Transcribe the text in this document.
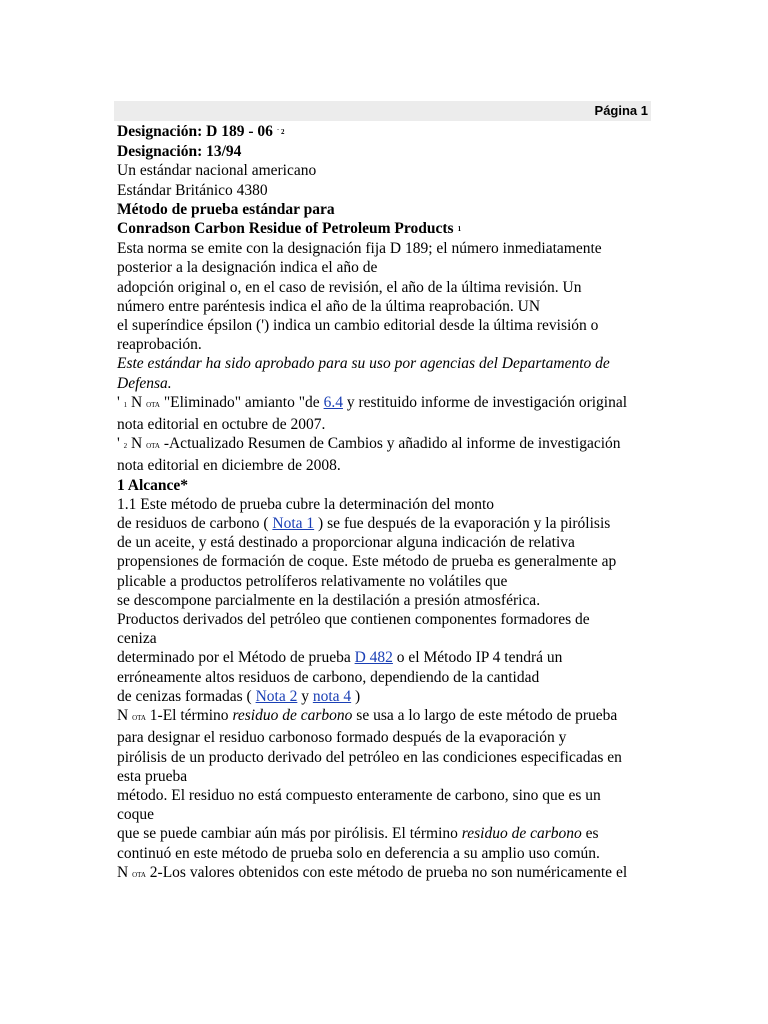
Página 1
Designación: D 189 - 06 $^{´ 2}$
Designación: 13/94
Un estándar nacional americano
Estándar Británico 4380
Método de prueba estándar para
Conradson Carbon Residue of Petroleum Products $^1$
Esta norma se emite con la designación fija D 189; el número inmediatamente
posterior a la designación indica el año de
adopción original o, en el caso de revisión, el año de la última revisión. Un
número entre paréntesis indica el año de la última reaprobación. UN
el superíndice épsilon (') indica un cambio editorial desde la última revisión o
reaprobación.
Este estándar ha sido aprobado para su uso por agencias del Departamento de
Defensa.
' 1 N OTA "Eliminado" amianto "de 6.4 y restituido informe de investigación original
nota editorial en octubre de 2007.
' 2 N OTA -Actualizado Resumen de Cambios y añadido al informe de investigación
nota editorial en diciembre de 2008.
1 Alcance*
1.1 Este método de prueba cubre la determinación del monto
de residuos de carbono ( Nota 1 ) se fue después de la evaporación y la pirólisis
de un aceite, y está destinado a proporcionar alguna indicación de relativa
propensiones de formación de coque. Este método de prueba es generalmente ap
plicable a productos petrolíferos relativamente no volátiles que
se descompone parcialmente en la destilación a presión atmosférica.
Productos derivados del petróleo que contienen componentes formadores de
ceniza
determinado por el Método de prueba D 482 o el Método IP 4 tendrá un
erróneamente altos residuos de carbono, dependiendo de la cantidad
de cenizas formadas ( Nota 2 y nota 4 )
N OTA 1-El término residuo de carbono se usa a lo largo de este método de prueba
para designar el residuo carbonoso formado después de la evaporación y
pirólisis de un producto derivado del petróleo en las condiciones especificadas en
esta prueba
método. El residuo no está compuesto enteramente de carbono, sino que es un
coque
que se puede cambiar aún más por pirólisis. El término residuo de carbono es
continuó en este método de prueba solo en deferencia a su amplio uso común.
N OTA 2-Los valores obtenidos con este método de prueba no son numéricamente el
